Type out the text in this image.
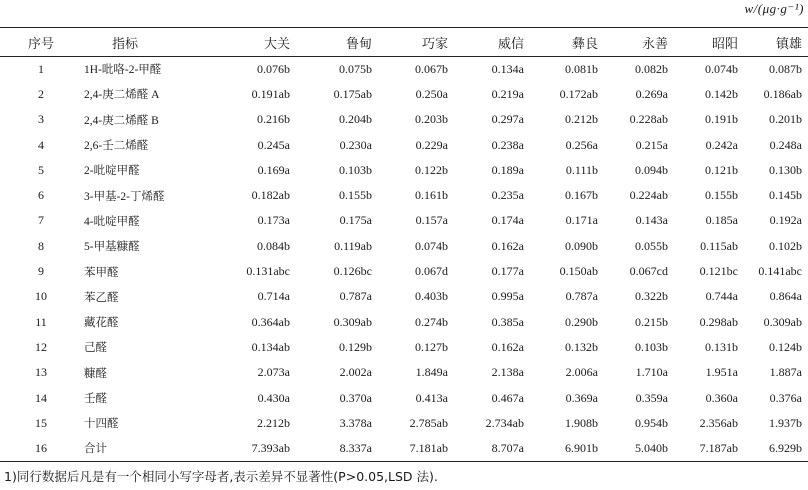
w/(μg·g⁻¹)
序号	指标	大关	鲁甸	巧家	威信	彝良	永善	昭阳	镇雄
1	1H-吡咯-2-甲醛	0.076b	0.075b	0.067b	0.134a	0.081b	0.082b	0.074b	0.087b
2	2,4-庚二烯醛 A	0.191ab	0.175ab	0.250a	0.219a	0.172ab	0.269a	0.142b	0.186ab
3	2,4-庚二烯醛 B	0.216b	0.204b	0.203b	0.297a	0.212b	0.228ab	0.191b	0.201b
4	2,6-壬二烯醛	0.245a	0.230a	0.229a	0.238a	0.256a	0.215a	0.242a	0.248a
5	2-吡啶甲醛	0.169a	0.103b	0.122b	0.189a	0.111b	0.094b	0.121b	0.130b
6	3-甲基-2-丁烯醛	0.182ab	0.155b	0.161b	0.235a	0.167b	0.224ab	0.155b	0.145b
7	4-吡啶甲醛	0.173a	0.175a	0.157a	0.174a	0.171a	0.143a	0.185a	0.192a
8	5-甲基糠醛	0.084b	0.119ab	0.074b	0.162a	0.090b	0.055b	0.115ab	0.102b
9	苯甲醛	0.131abc	0.126bc	0.067d	0.177a	0.150ab	0.067cd	0.121bc	0.141abc
10	苯乙醛	0.714a	0.787a	0.403b	0.995a	0.787a	0.322b	0.744a	0.864a
11	藏花醛	0.364ab	0.309ab	0.274b	0.385a	0.290b	0.215b	0.298ab	0.309ab
12	己醛	0.134ab	0.129b	0.127b	0.162a	0.132b	0.103b	0.131b	0.124b
13	糠醛	2.073a	2.002a	1.849a	2.138a	2.006a	1.710a	1.951a	1.887a
14	壬醛	0.430a	0.370a	0.413a	0.467a	0.369a	0.359a	0.360a	0.376a
15	十四醛	2.212b	3.378a	2.785ab	2.734ab	1.908b	0.954b	2.356ab	1.937b
16	合计	7.393ab	8.337a	7.181ab	8.707a	6.901b	5.040b	7.187ab	6.929b
1)同行数据后凡是有一个相同小写字母者,表示差异不显著性(P>0.05,LSD 法).
